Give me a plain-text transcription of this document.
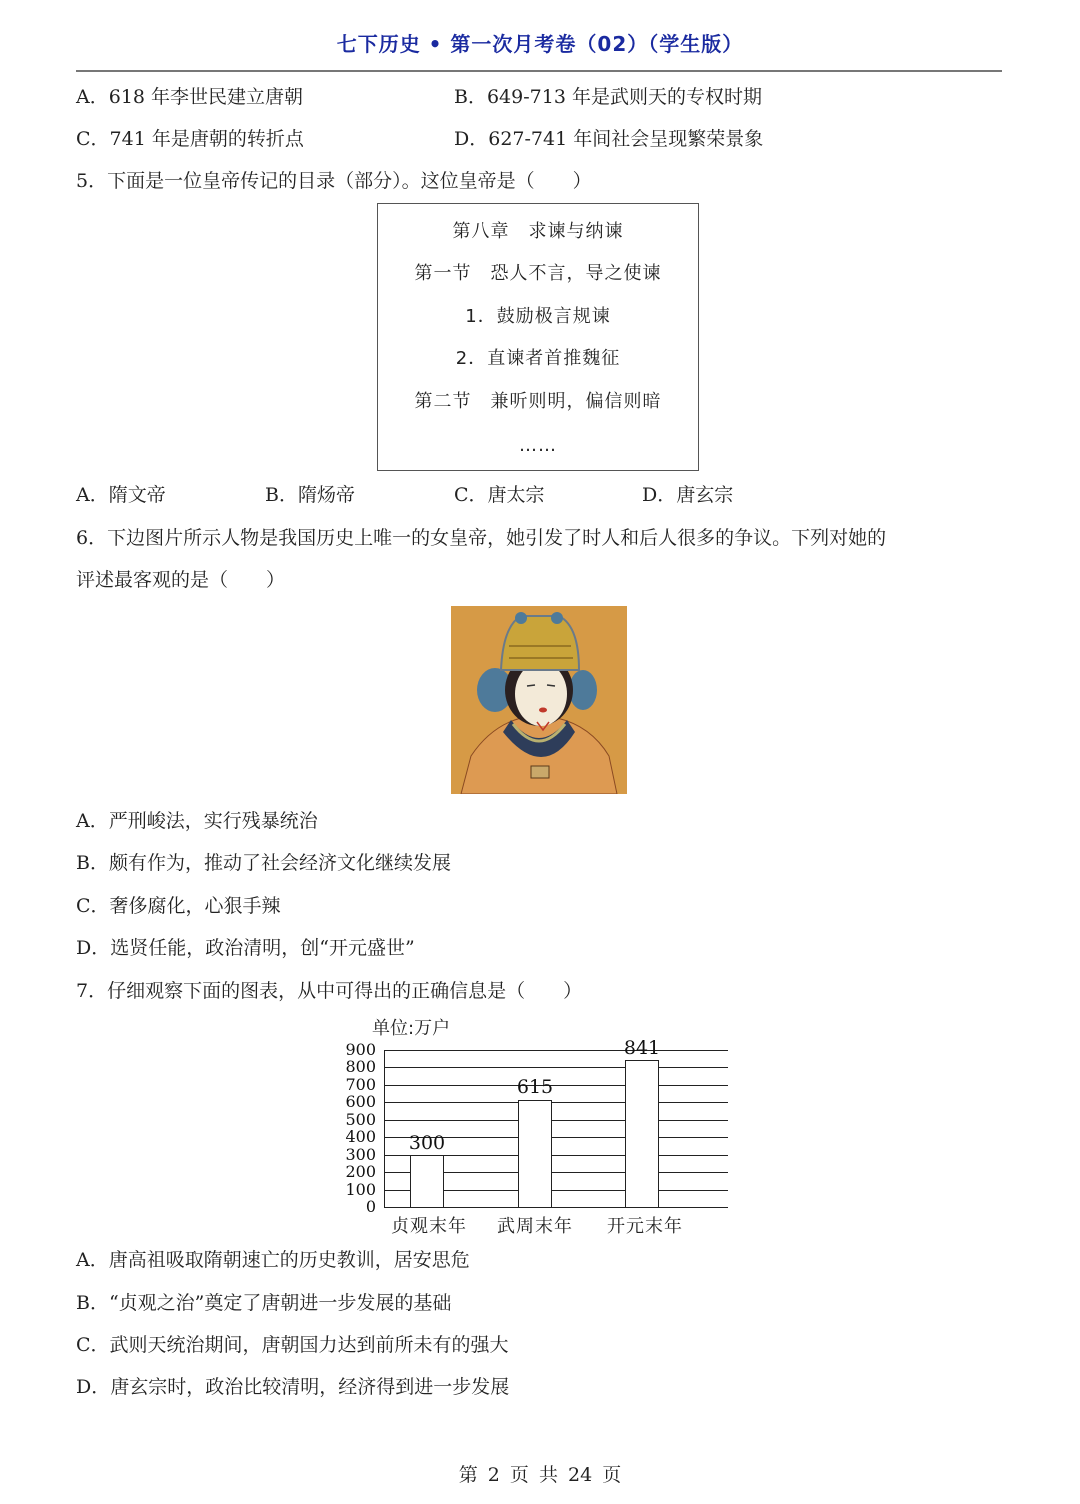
七下历史 • 第一次月考卷（02）（学生版）
A．618 年李世民建立唐朝	B．649-713 年是武则天的专权时期
C．741 年是唐朝的转折点	D．627-741 年间社会呈现繁荣景象
5．下面是一位皇帝传记的目录（部分）。这位皇帝是（　　）
第八章　求谏与纳谏
第一节　恐人不言，导之使谏
1．鼓励极言规谏
2．直谏者首推魏征
第二节　兼听则明，偏信则暗
……
A．隋文帝	B．隋炀帝	C．唐太宗	D．唐玄宗
6．下边图片所示人物是我国历史上唯一的女皇帝，她引发了时人和后人很多的争议。下列对她的
评述最客观的是（　　）
A．严刑峻法，实行残暴统治
B．颇有作为，推动了社会经济文化继续发展
C．奢侈腐化，心狠手辣
D．选贤任能，政治清明，创“开元盛世”
7．仔细观察下面的图表，从中可得出的正确信息是（　　）
单位:万户
900
800
700
600
500
400
300
200
100
0
300
615
841
贞观末年	武周末年	开元末年
A．唐高祖吸取隋朝速亡的历史教训，居安思危
B．“贞观之治”奠定了唐朝进一步发展的基础
C．武则天统治期间，唐朝国力达到前所未有的强大
D．唐玄宗时，政治比较清明，经济得到进一步发展
第 2 页 共 24 页
